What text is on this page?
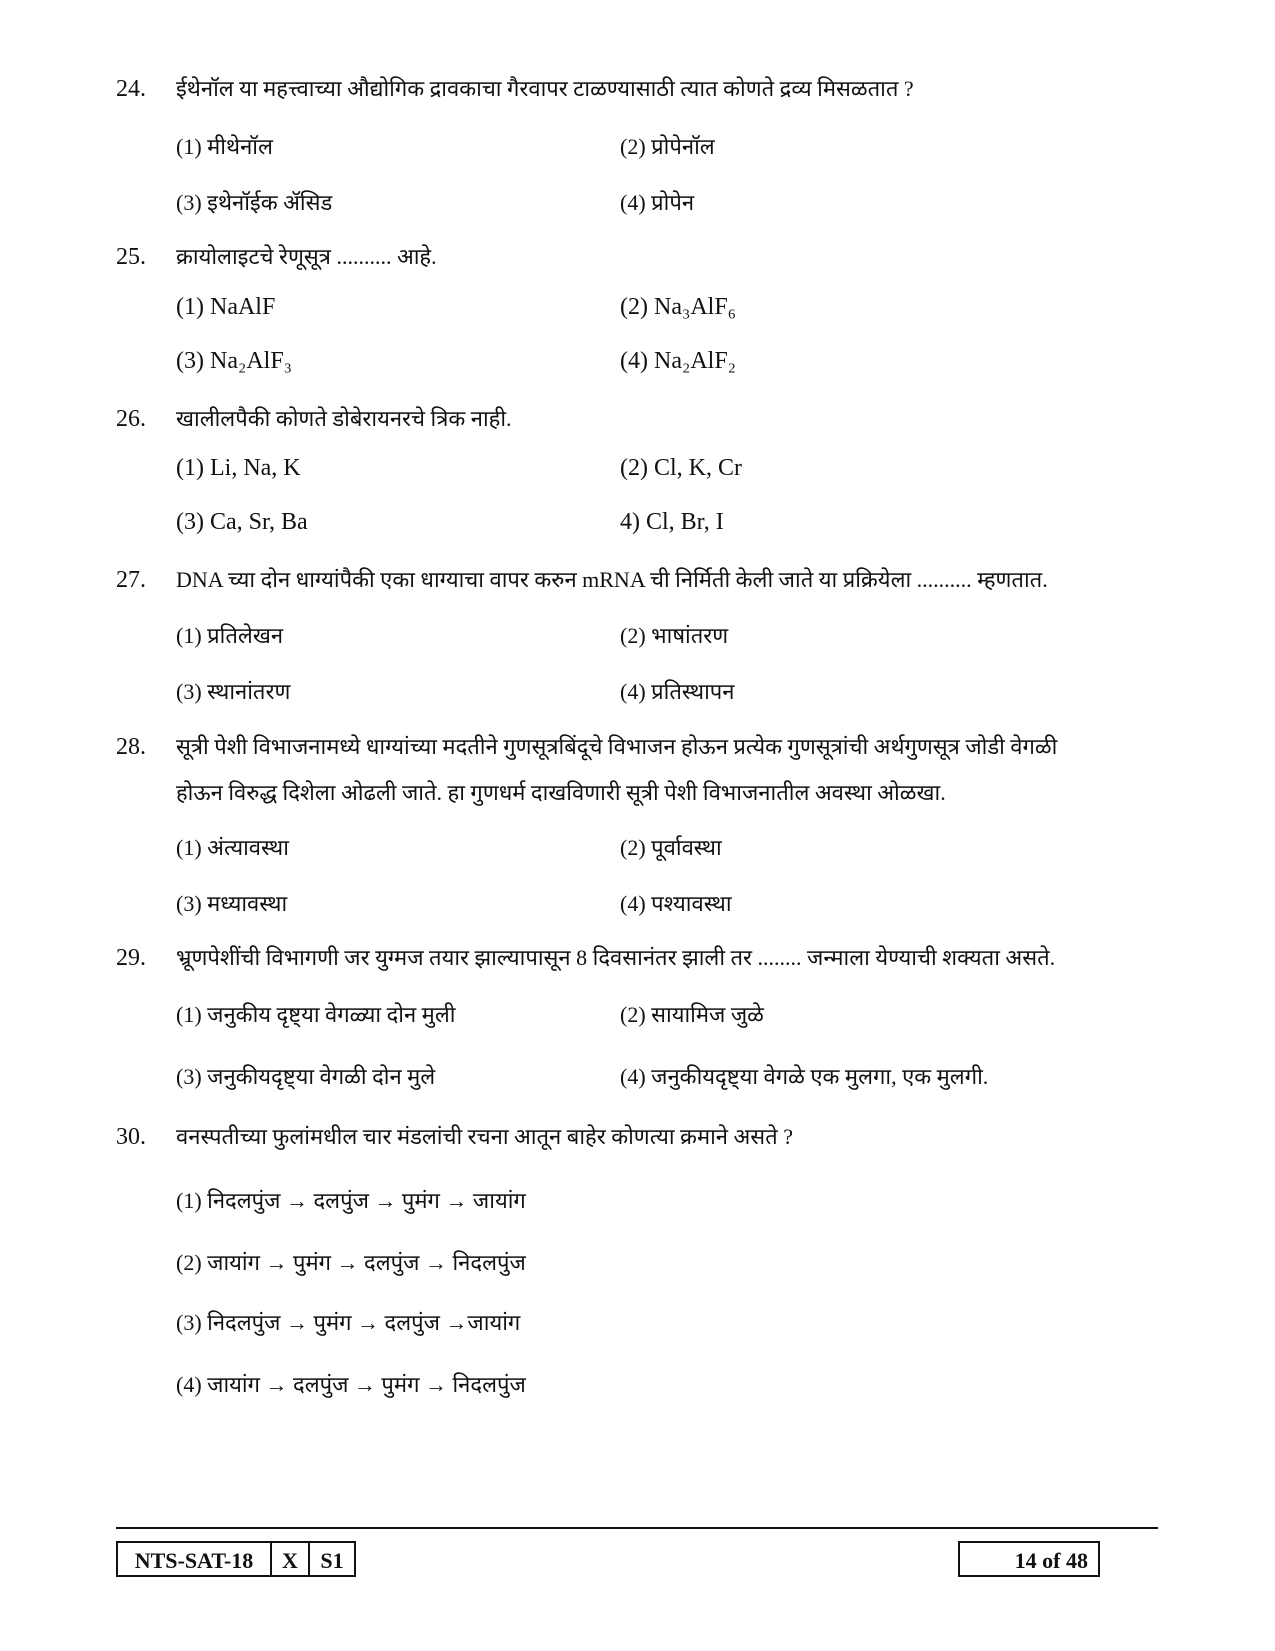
24. ईथेनॉल या महत्त्वाच्या औद्योगिक द्रावकाचा गैरवापर टाळण्यासाठी त्यात कोणते द्रव्य मिसळतात ?
(1) मीथेनॉल	(2) प्रोपेनॉल
(3) इथेनॉईक ॲसिड	(4) प्रोपेन
25. क्रायोलाइटचे रेणूसूत्र .......... आहे.
(1) NaAlF	(2) Na₃AlF₆
(3) Na₂AlF₃	(4) Na₂AlF₂
26. खालीलपैकी कोणते डोबेरायनरचे त्रिक नाही.
(1) Li, Na, K	(2) Cl, K, Cr
(3) Ca, Sr, Ba	4) Cl, Br, I
27. DNA च्या दोन धाग्यांपैकी एका धाग्याचा वापर करुन mRNA ची निर्मिती केली जाते या प्रक्रियेला .......... म्हणतात.
(1) प्रतिलेखन	(2) भाषांतरण
(3) स्थानांतरण	(4) प्रतिस्थापन
28. सूत्री पेशी विभाजनामध्ये धाग्यांच्या मदतीने गुणसूत्रबिंदूचे विभाजन होऊन प्रत्येक गुणसूत्रांची अर्थगुणसूत्र जोडी वेगळी
होऊन विरुद्ध दिशेला ओढली जाते. हा गुणधर्म दाखविणारी सूत्री पेशी विभाजनातील अवस्था ओळखा.
(1) अंत्यावस्था	(2) पूर्वावस्था
(3) मध्यावस्था	(4) पश्यावस्था
29. भ्रूणपेशींची विभागणी जर युग्मज तयार झाल्यापासून 8 दिवसानंतर झाली तर ........ जन्माला येण्याची शक्यता असते.
(1) जनुकीय दृष्ट्या वेगळ्या दोन मुली	(2) सायामिज जुळे
(3) जनुकीयदृष्ट्या वेगळी दोन मुले	(4) जनुकीयदृष्ट्या वेगळे एक मुलगा, एक मुलगी.
30. वनस्पतीच्या फुलांमधील चार मंडलांची रचना आतून बाहेर कोणत्या क्रमाने असते ?
(1) निदलपुंज → दलपुंज → पुमंग → जायांग
(2) जायांग → पुमंग → दलपुंज → निदलपुंज
(3) निदलपुंज → पुमंग → दलपुंज →जायांग
(4) जायांग → दलपुंज → पुमंग → निदलपुंज
NTS-SAT-18	X	S1	14 of 48
